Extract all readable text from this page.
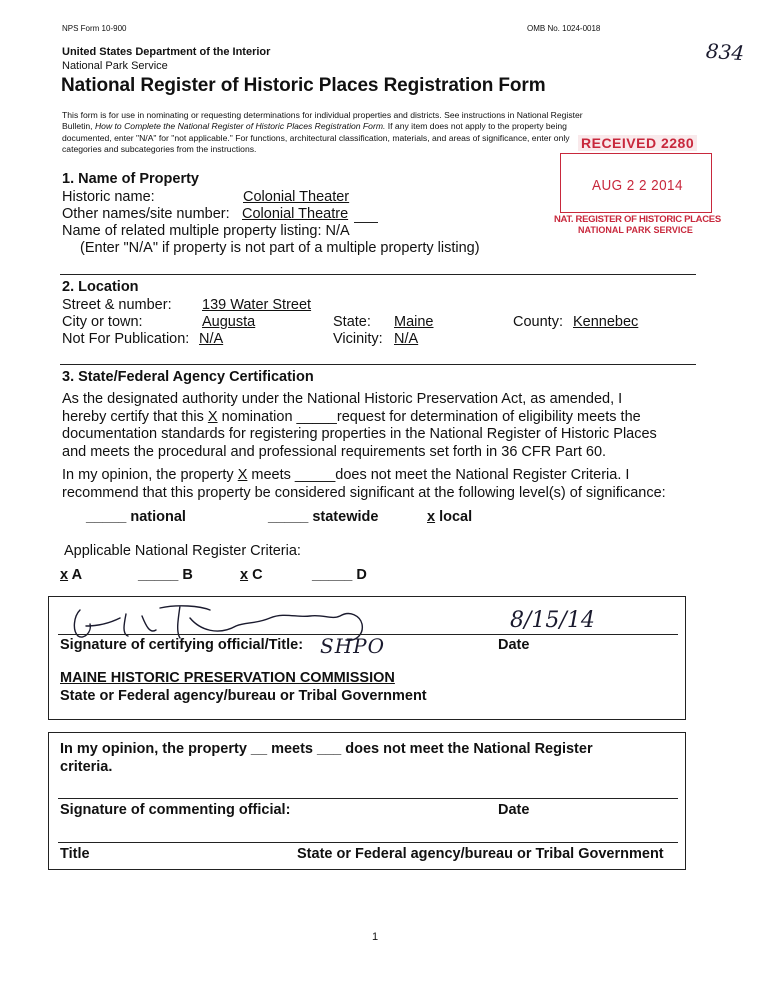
NPS Form 10-900	OMB No. 1024-0018
834
United States Department of the Interior
National Park Service
National Register of Historic Places Registration Form
This form is for use in nominating or requesting determinations for individual properties and districts. See instructions in National Register
Bulletin, How to Complete the National Register of Historic Places Registration Form. If any item does not apply to the property being
documented, enter "N/A" for "not applicable." For functions, architectural classification, materials, and areas of significance, enter only
categories and subcategories from the instructions.	RECEIVED 2280
AUG 2 2 2014
NAT. REGISTER OF HISTORIC PLACES
NATIONAL PARK SERVICE
1. Name of Property
Historic name:	Colonial Theater
Other names/site number: Colonial Theatre
Name of related multiple property listing: N/A
(Enter "N/A" if property is not part of a multiple property listing)
2. Location
Street & number: 139 Water Street
City or town:	Augusta	State: Maine	County: Kennebec
Not For Publication: N/A	Vicinity: N/A
3. State/Federal Agency Certification
As the designated authority under the National Historic Preservation Act, as amended, I
hereby certify that this X nomination _____request for determination of eligibility meets the
documentation standards for registering properties in the National Register of Historic Places
and meets the procedural and professional requirements set forth in 36 CFR Part 60.
In my opinion, the property X meets _____does not meet the National Register Criteria. I
recommend that this property be considered significant at the following level(s) of significance:
_____ national	_____ statewide	x local
Applicable National Register Criteria:
x A	_____ B	x C	_____ D
8/15/14
Signature of certifying official/Title: SHPO	Date
MAINE HISTORIC PRESERVATION COMMISSION
State or Federal agency/bureau or Tribal Government
In my opinion, the property __ meets ___ does not meet the National Register
criteria.
Signature of commenting official:	Date
Title	State or Federal agency/bureau or Tribal Government
1
